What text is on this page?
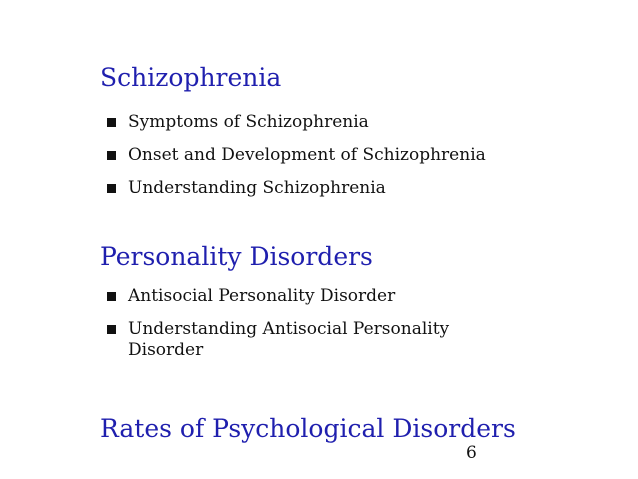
Schizophrenia
Symptoms of Schizophrenia
Onset and Development of Schizophrenia
Understanding Schizophrenia
Personality Disorders
Antisocial Personality Disorder
Understanding Antisocial Personality Disorder
Rates of Psychological Disorders
6
